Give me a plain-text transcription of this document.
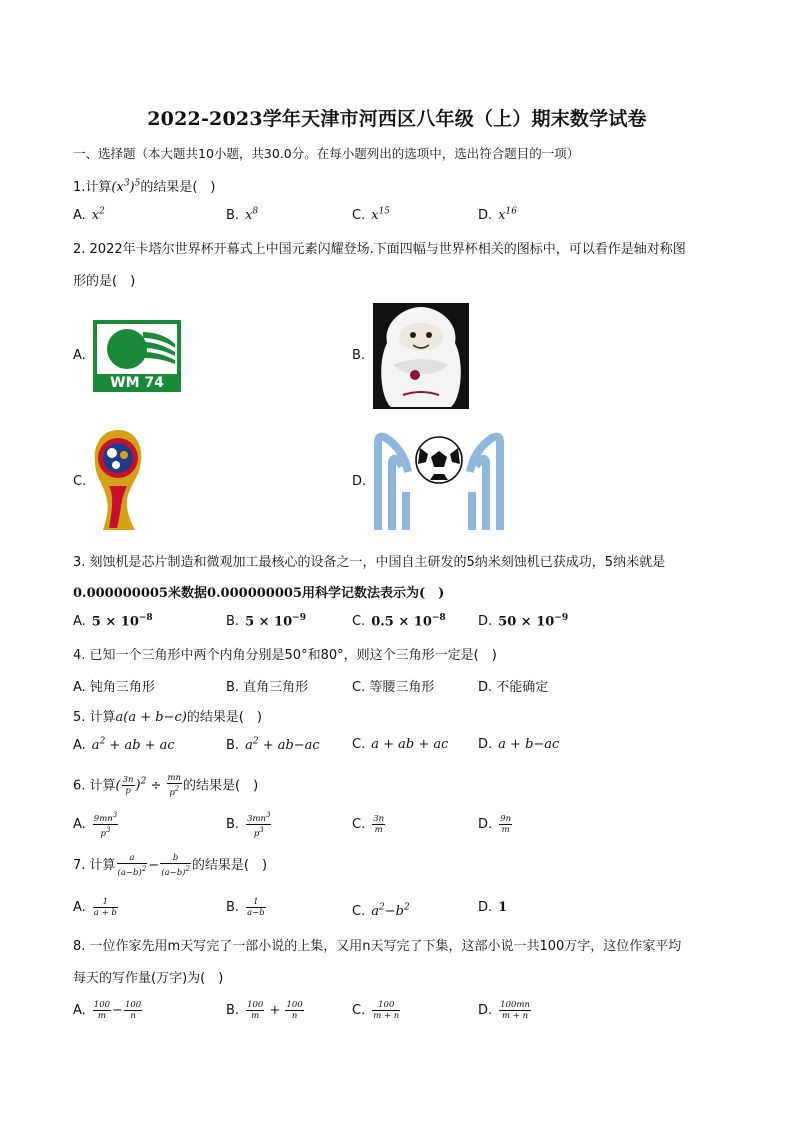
2022-2023学年天津市河西区八年级（上）期末数学试卷
一、选择题（本大题共10小题，共30.0分。在每小题列出的选项中，选出符合题目的一项）
1.计算$(x^3)^5$的结果是(　)
A. $x^2$	B. $x^8$	C. $x^{15}$	D. $x^{16}$
2. 2022年卡塔尔世界杯开幕式上中国元素闪耀登场.下面四幅与世界杯相关的图标中，可以看作是轴对称图
形的是(　)
A.
WM 74
B.
C.	D.
3. 刻蚀机是芯片制造和微观加工最核心的设备之一，中国自主研发的5纳米刻蚀机已获成功，5纳米就是
0.000000005米数据0.000000005用科学记数法表示为(　)
A. $5 \times 10^{-8}$	B. $5 \times 10^{-9}$	C. $0.5 \times 10^{-8}$ D. $50 \times 10^{-9}$
4. 已知一个三角形中两个内角分别是50°和80°，则这个三角形一定是(　)
A. 钝角三角形	B. 直角三角形	C. 等腰三角形	D. 不能确定
5. 计算a(a + b−c)的结果是(　)
A. $a^2$ + ab + ac	B. $a^2 + ab-ac$ C. a + ab + ac D. a + b−ac
6. 计算( $\frac{3n}{p} )^2 \div \frac{mn}{p^2}$ 的结果是(　)
A. $\frac{9mn^3}{p^3}$	B. $\frac{3mn^3}{p^3}$	C. $\frac{3n}{m}$	D. $\frac{9n}{m}$
7. 计算 $\frac{a}{(a-b)^2} - \frac{b}{(a-b)^2}$ 的结果是(　)
A. $\frac{1}{a + b}$	B. $\frac{1}{a-b}$	C. $a^2-b^2$	D. 1
8. 一位作家先用m天写完了一部小说的上集，又用n天写完了下集，这部小说一共100万字，这位作家平均
每天的写作量(万字)为(　)
A. $\frac{100}{m} - \frac{100}{n}$	B. $\frac{100}{m} + \frac{100}{n}$	C. $\frac{100}{m + n}$	D. $\frac{100mn}{m + n}$
